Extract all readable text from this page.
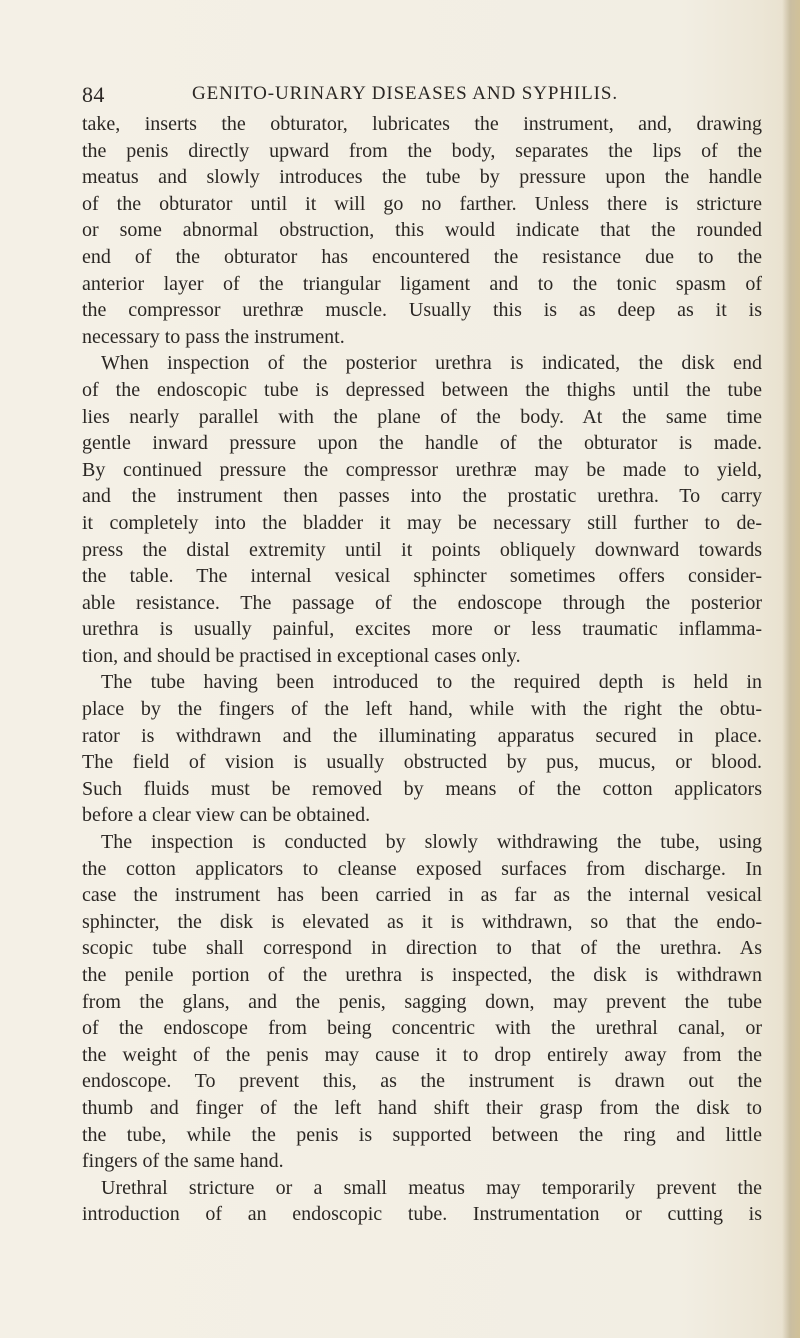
84	GENITO-URINARY DISEASES AND SYPHILIS.
take, inserts the obturator, lubricates the instrument, and, drawing
the penis directly upward from the body, separates the lips of the
meatus and slowly introduces the tube by pressure upon the handle
of the obturator until it will go no farther. Unless there is stricture
or some abnormal obstruction, this would indicate that the rounded
end of the obturator has encountered the resistance due to the
anterior layer of the triangular ligament and to the tonic spasm of
the compressor urethræ muscle. Usually this is as deep as it is
necessary to pass the instrument.
When inspection of the posterior urethra is indicated, the disk end
of the endoscopic tube is depressed between the thighs until the tube
lies nearly parallel with the plane of the body. At the same time
gentle inward pressure upon the handle of the obturator is made.
By continued pressure the compressor urethræ may be made to yield,
and the instrument then passes into the prostatic urethra. To carry
it completely into the bladder it may be necessary still further to de-
press the distal extremity until it points obliquely downward towards
the table. The internal vesical sphincter sometimes offers consider-
able resistance. The passage of the endoscope through the posterior
urethra is usually painful, excites more or less traumatic inflamma-
tion, and should be practised in exceptional cases only.
The tube having been introduced to the required depth is held in
place by the fingers of the left hand, while with the right the obtu-
rator is withdrawn and the illuminating apparatus secured in place.
The field of vision is usually obstructed by pus, mucus, or blood.
Such fluids must be removed by means of the cotton applicators
before a clear view can be obtained.
The inspection is conducted by slowly withdrawing the tube, using
the cotton applicators to cleanse exposed surfaces from discharge. In
case the instrument has been carried in as far as the internal vesical
sphincter, the disk is elevated as it is withdrawn, so that the endo-
scopic tube shall correspond in direction to that of the urethra. As
the penile portion of the urethra is inspected, the disk is withdrawn
from the glans, and the penis, sagging down, may prevent the tube
of the endoscope from being concentric with the urethral canal, or
the weight of the penis may cause it to drop entirely away from the
endoscope. To prevent this, as the instrument is drawn out the
thumb and finger of the left hand shift their grasp from the disk to
the tube, while the penis is supported between the ring and little
fingers of the same hand.
Urethral stricture or a small meatus may temporarily prevent the
introduction of an endoscopic tube. Instrumentation or cutting is
